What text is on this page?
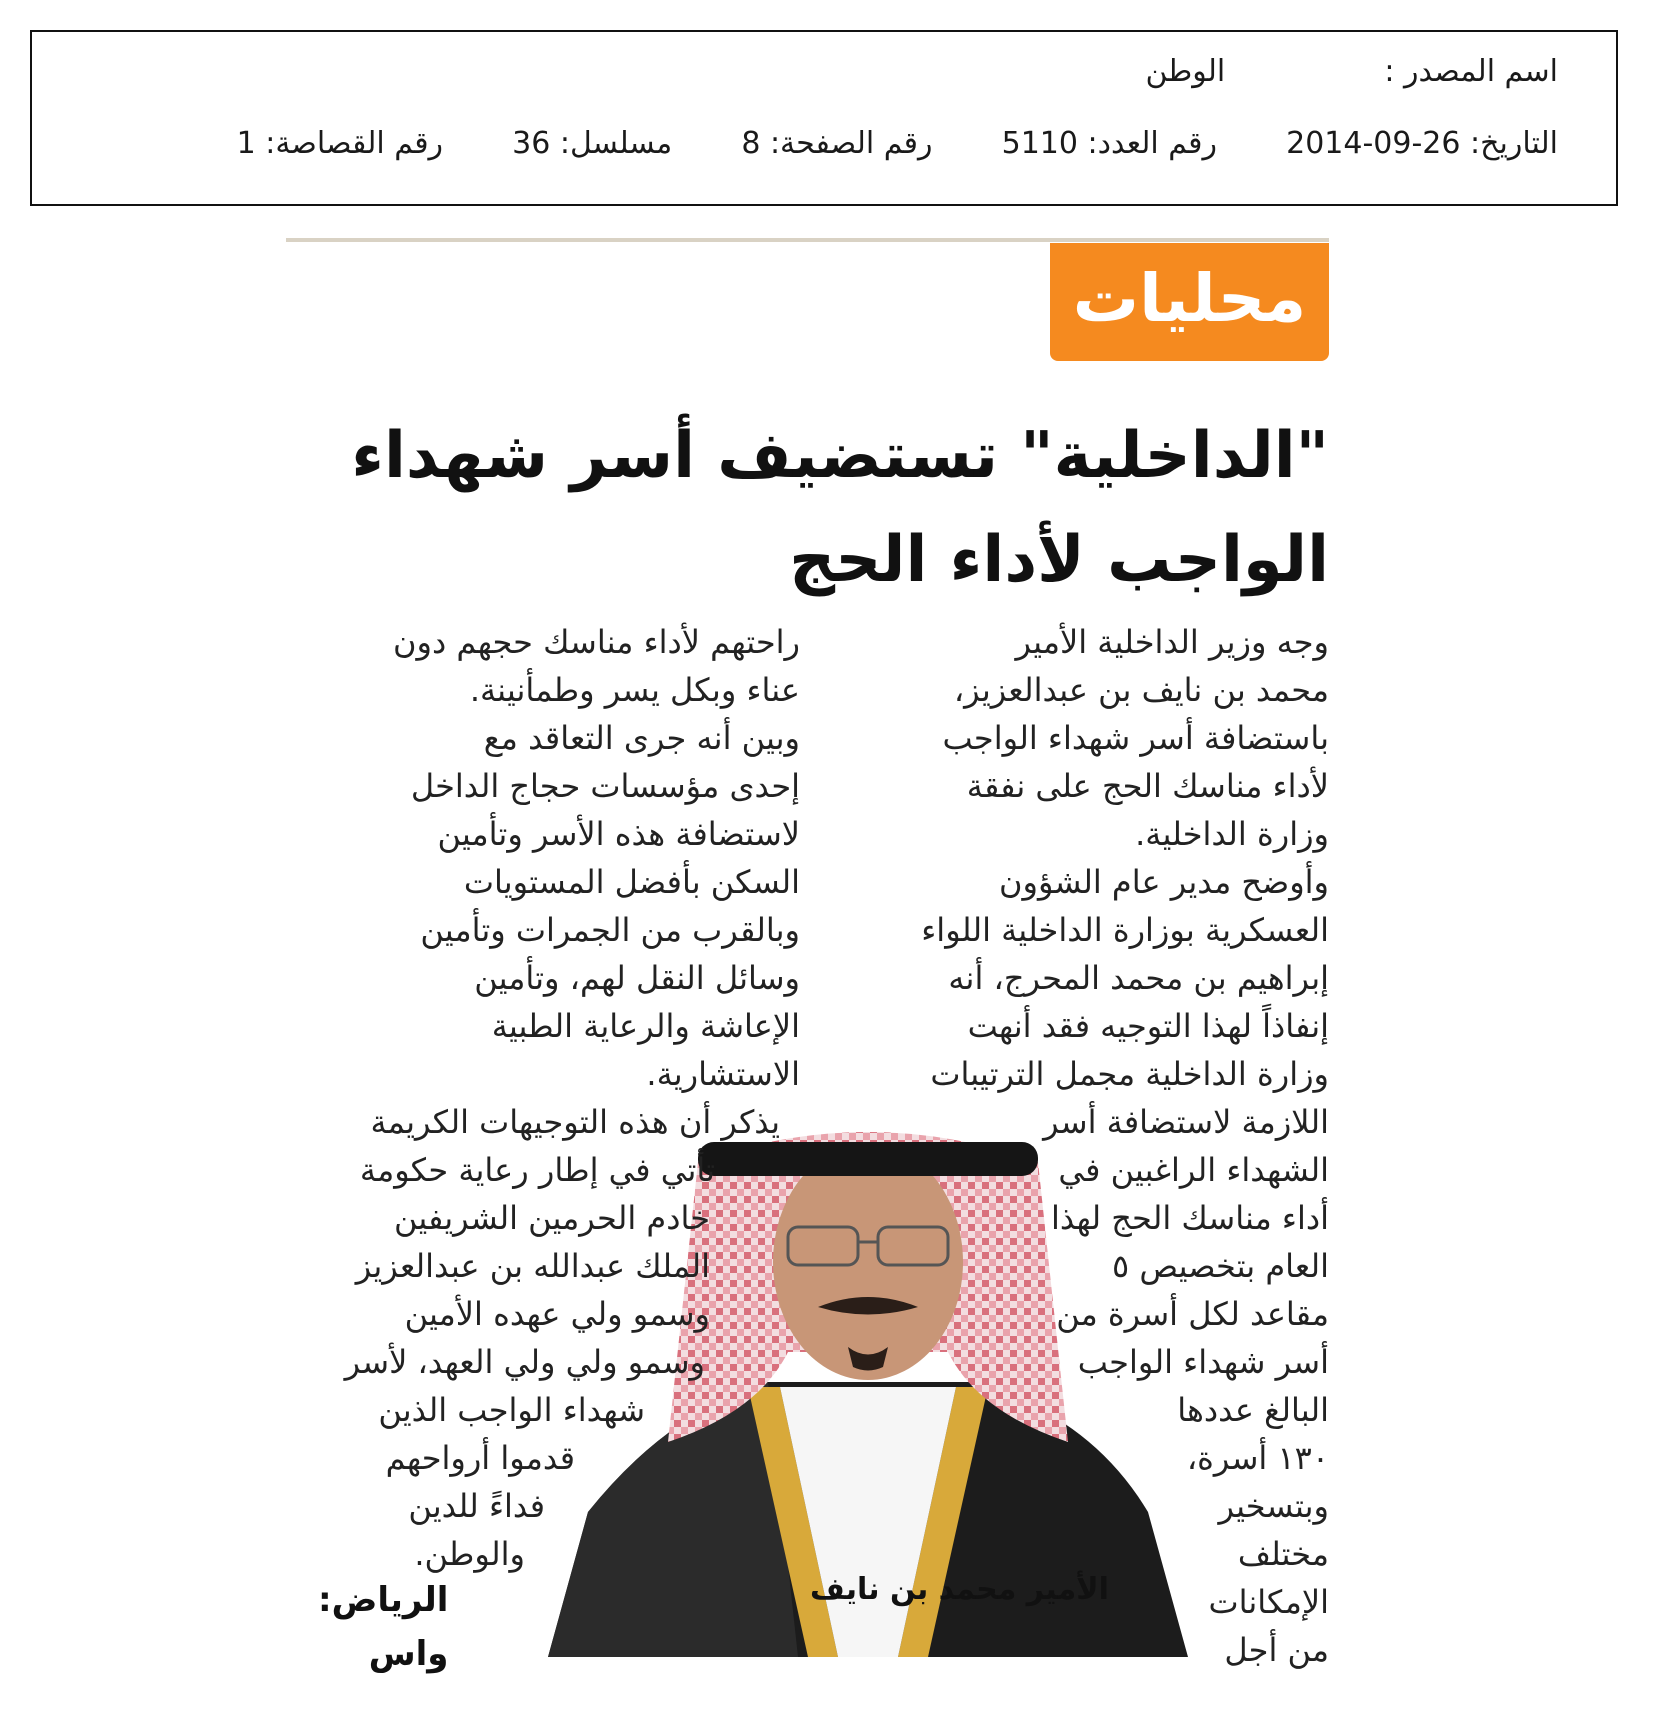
اسم المصدر :  الوطن
التاريخ: 2014-09-26  رقم العدد: 5110  رقم الصفحة: 8  مسلسل: 36  رقم القصاصة: 1
محليات
"الداخلية" تستضيف أسر شهداء
الواجب لأداء الحج
الأمير محمد بن نايف
وجه وزير الداخلية الأمير
محمد بن نايف بن عبدالعزيز،
باستضافة أسر شهداء الواجب
لأداء مناسك الحج على نفقة
وزارة الداخلية.
وأوضح مدير عام الشؤون
العسكرية بوزارة الداخلية اللواء
إبراهيم بن محمد المحرج، أنه
إنفاذاً لهذا التوجيه فقد أنهت
وزارة الداخلية مجمل الترتيبات
اللازمة لاستضافة أسر
الشهداء الراغبين في
أداء مناسك الحج لهذا
العام بتخصيص ٥
مقاعد لكل أسرة من
أسر شهداء الواجب
البالغ عددها
١٣٠ أسرة،
وبتسخير
مختلف
الإمكانات
من أجل
راحتهم لأداء مناسك حجهم دون
عناء وبكل يسر وطمأنينة.
وبين أنه جرى التعاقد مع
إحدى مؤسسات حجاج الداخل
لاستضافة هذه الأسر وتأمين
السكن بأفضل المستويات
وبالقرب من الجمرات وتأمين
وسائل النقل لهم، وتأمين
الإعاشة والرعاية الطبية
الاستشارية.
يذكر أن هذه التوجيهات الكريمة
تأتي في إطار رعاية حكومة
خادم الحرمين الشريفين
الملك عبدالله بن عبدالعزيز
وسمو ولي عهده الأمين
وسمو ولي ولي العهد، لأسر
شهداء الواجب الذين
قدموا أرواحهم
فداءً للدين
والوطن.
الرياض:
واس
